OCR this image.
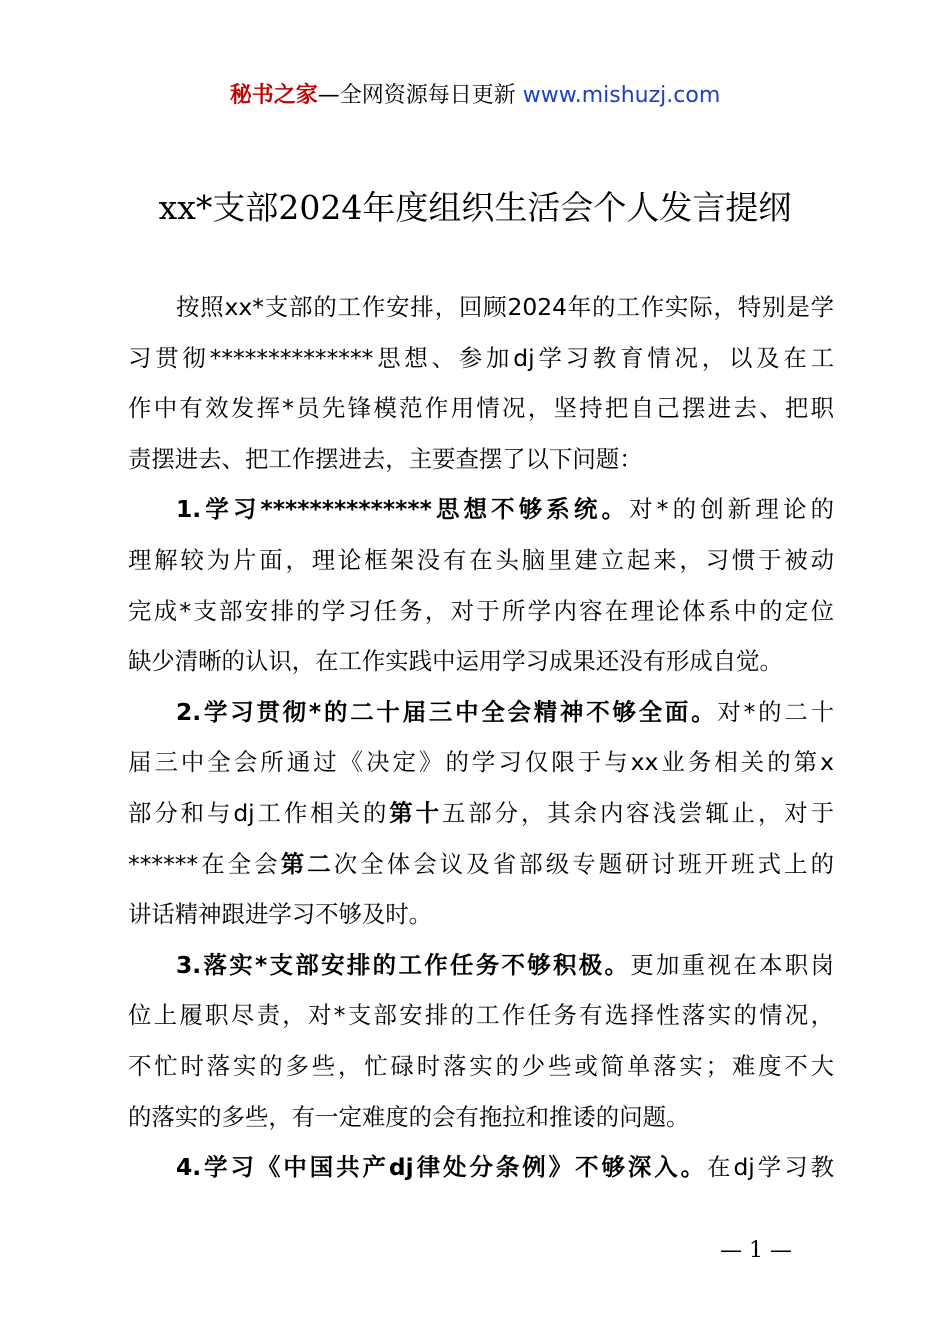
秘书之家—全网资源每日更新 www.mishuzj.com
xx*支部2024年度组织生活会个人发言提纲

按照xx*支部的工作安排，回顾2024年的工作实际，特别是学
习贯彻**************思想、参加dj学习教育情况，以及在工
作中有效发挥*员先锋模范作用情况，坚持把自己摆进去、把职
责摆进去、把工作摆进去，主要查摆了以下问题：

1.学习**************思想不够系统。对*的创新理论的
理解较为片面，理论框架没有在头脑里建立起来，习惯于被动
完成*支部安排的学习任务，对于所学内容在理论体系中的定位
缺少清晰的认识，在工作实践中运用学习成果还没有形成自觉。

2.学习贯彻*的二十届三中全会精神不够全面。对*的二十
届三中全会所通过《决定》的学习仅限于与xx业务相关的第x
部分和与dj工作相关的第十五部分，其余内容浅尝辄止，对于
******在全会第二次全体会议及省部级专题研讨班开班式上的
讲话精神跟进学习不够及时。

3.落实*支部安排的工作任务不够积极。更加重视在本职岗
位上履职尽责，对*支部安排的工作任务有选择性落实的情况，
不忙时落实的多些，忙碌时落实的少些或简单落实；难度不大
的落实的多些，有一定难度的会有拖拉和推诿的问题。

4.学习《中国共产dj律处分条例》不够深入。在dj学习教

— 1 —
